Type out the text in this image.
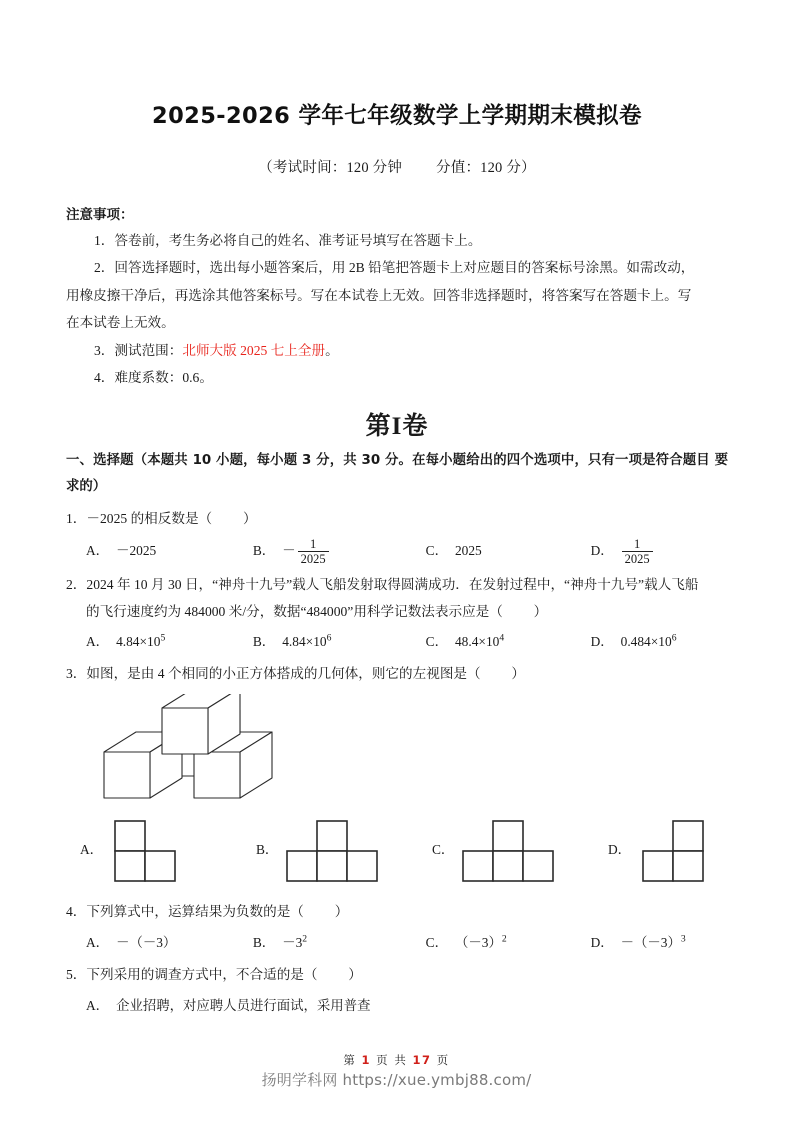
2025-2026 学年七年级数学上学期期末模拟卷

（考试时间：120 分钟 分值：120 分）

注意事项：

1．答卷前，考生务必将自己的姓名、准考证号填写在答题卡上。

2．回答选择题时，选出每小题答案后，用 2B 铅笔把答题卡上对应题目的答案标号涂黑。如需改动，

用橡皮擦干净后，再选涂其他答案标号。写在本试卷上无效。回答非选择题时，将答案写在答题卡上。写

在本试卷上无效。

3．测试范围：北师大版 2025 七上全册。

4．难度系数：0.6。

第I卷

一、选择题（本题共 10 小题，每小题 3 分，共 30 分。在每小题给出的四个选项中，只有一项是符合题目 要求的）

1．－2025 的相反数是（ ）
A． －2025	B． － $\frac{1}{2025}$	C． 2025	D． $\frac{1}{2025}$
2．2024 年 10 月 30 日，“神舟十九号”载人飞船发射取得圆满成功．在发射过程中，“神舟十九号”载人飞船
的飞行速度约为 484000 米/分，数据“484000”用科学记数法表示应是（ ）
A． $4.84\times 10^5$	B． $4.84\times 10^6$	C． $48.4\times 10^4$	D． $0.484\times 10^6$
3．如图，是由 4 个相同的小正方体搭成的几何体，则它的左视图是（ ）
A．	B．	C．	D．
4．下列算式中，运算结果为负数的是（ ）
A． －（－3）	B． $-3^2$	C． $(-3)^2$	D． $-(-3)^3$
5．下列采用的调查方式中，不合适的是（ ）
A． 企业招聘，对应聘人员进行面试，采用普查
第 1 页 共 17 页
扬明学科网 https://xue.ymbj88.com/
